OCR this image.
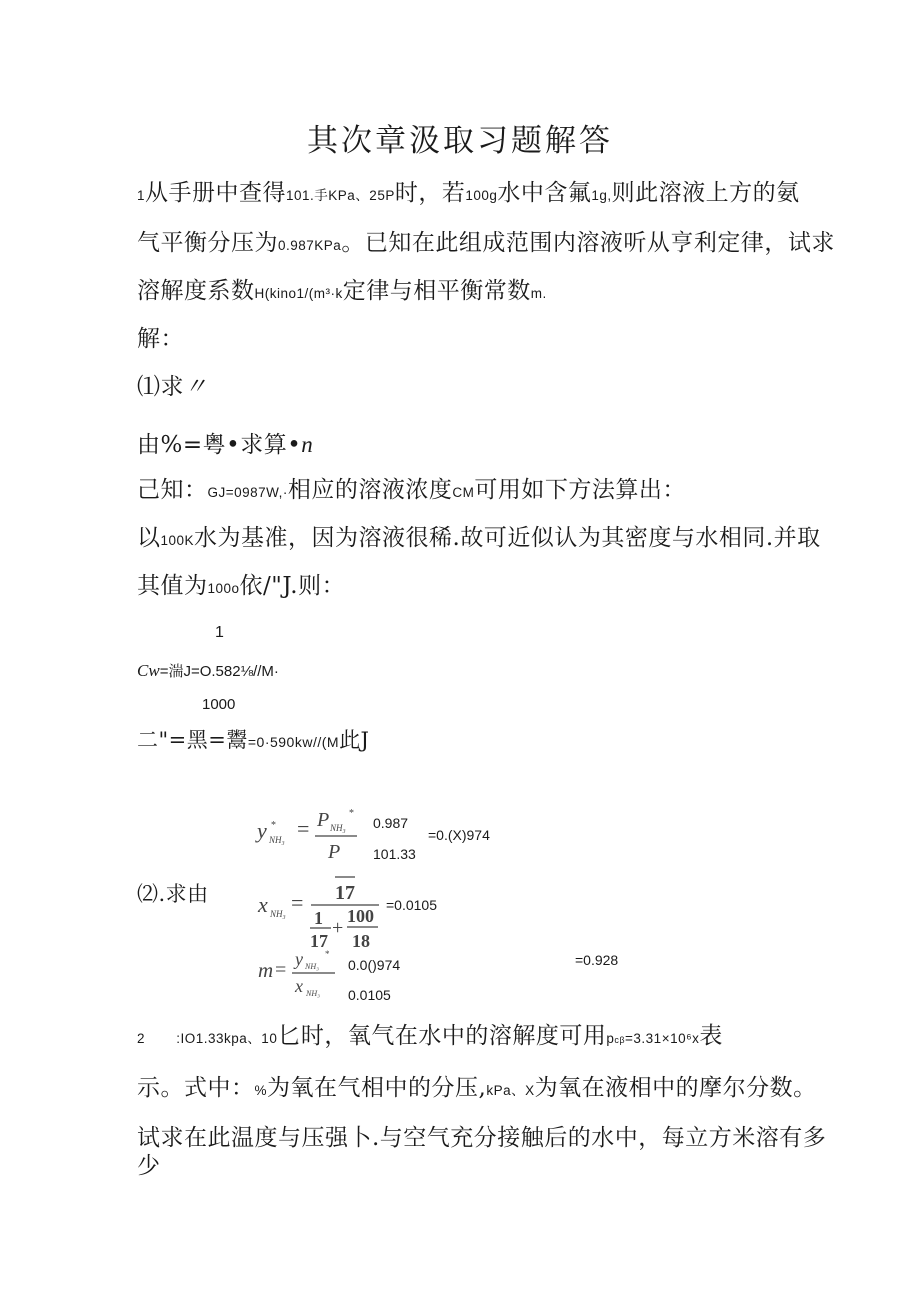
其次章汲取习题解答
1从手册中查得101.手KPa、25P时，若100g水中含氟1g,则此溶液上方的氨
气平衡分压为0.987KPa。已知在此组成范围内溶液听从亨利定律，试求
溶解度系数H(kino1/(m³·k定律与相平衡常数m.
解：
⑴求〃
由%=粤•求算•n
己知：GJ=0987W,·相应的溶液浓度CM可用如下方法算出：
以100K水为基准，因为溶液很稀.故可近似认为其密度与水相同.并取
其值为100o依/"J.则：
1
Cw=湍J=O.582⅛//M·
1000
二"=黑=鬻=0·590kw//(M此J
⑵.求由
y NH₃
* = P NH₃
*
P
0.987
101.33
=0.(X)974
x NH₃ = 17
1
17
+
100
18
=0.0105
m = y NH₃
*
x NH₃
0.0()974
0.0105
=0.928
2 :IO1.33kpa、10匕时，氧气在水中的溶解度可用pcβ=3.31×10⁶x表
示。式中：%为氧在气相中的分压,kPa、X为氧在液相中的摩尔分数。
试求在此温度与压强卜.与空气充分接触后的水中，每立方米溶有多
少
